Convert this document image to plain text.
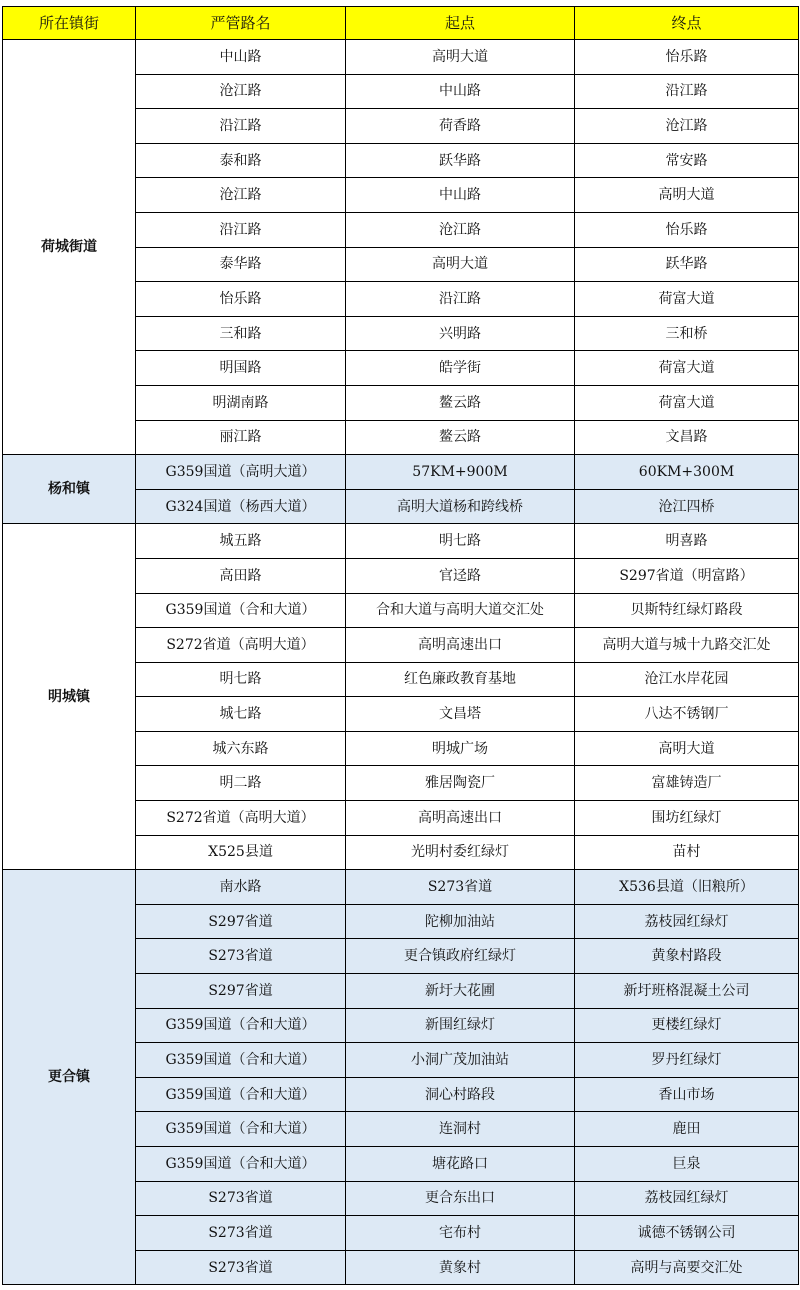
所在镇街	严管路名	起点	终点
荷城街道	中山路	高明大道	怡乐路
	沧江路	中山路	沿江路
	沿江路	荷香路	沧江路
	泰和路	跃华路	常安路
	沧江路	中山路	高明大道
	沿江路	沧江路	怡乐路
	泰华路	高明大道	跃华路
	怡乐路	沿江路	荷富大道
	三和路	兴明路	三和桥
	明国路	皓学街	荷富大道
	明湖南路	鳌云路	荷富大道
	丽江路	鳌云路	文昌路
杨和镇	G359国道（高明大道）	57KM+900M	60KM+300M
	G324国道（杨西大道）	高明大道杨和跨线桥	沧江四桥
明城镇	城五路	明七路	明喜路
	高田路	官迳路	S297省道（明富路）
	G359国道（合和大道）	合和大道与高明大道交汇处	贝斯特红绿灯路段
	S272省道（高明大道）	高明高速出口	高明大道与城十九路交汇处
	明七路	红色廉政教育基地	沧江水岸花园
	城七路	文昌塔	八达不锈钢厂
	城六东路	明城广场	高明大道
	明二路	雅居陶瓷厂	富雄铸造厂
	S272省道（高明大道）	高明高速出口	围坊红绿灯
	X525县道	光明村委红绿灯	苗村
更合镇	南水路	S273省道	X536县道（旧粮所）
	S297省道	陀柳加油站	荔枝园红绿灯
	S273省道	更合镇政府红绿灯	黄象村路段
	S297省道	新圩大花圃	新圩班格混凝土公司
	G359国道（合和大道）	新围红绿灯	更楼红绿灯
	G359国道（合和大道）	小洞广茂加油站	罗丹红绿灯
	G359国道（合和大道）	洞心村路段	香山市场
	G359国道（合和大道）	连洞村	鹿田
	G359国道（合和大道）	塘花路口	巨泉
	S273省道	更合东出口	荔枝园红绿灯
	S273省道	宅布村	诚德不锈钢公司
	S273省道	黄象村	高明与高要交汇处
